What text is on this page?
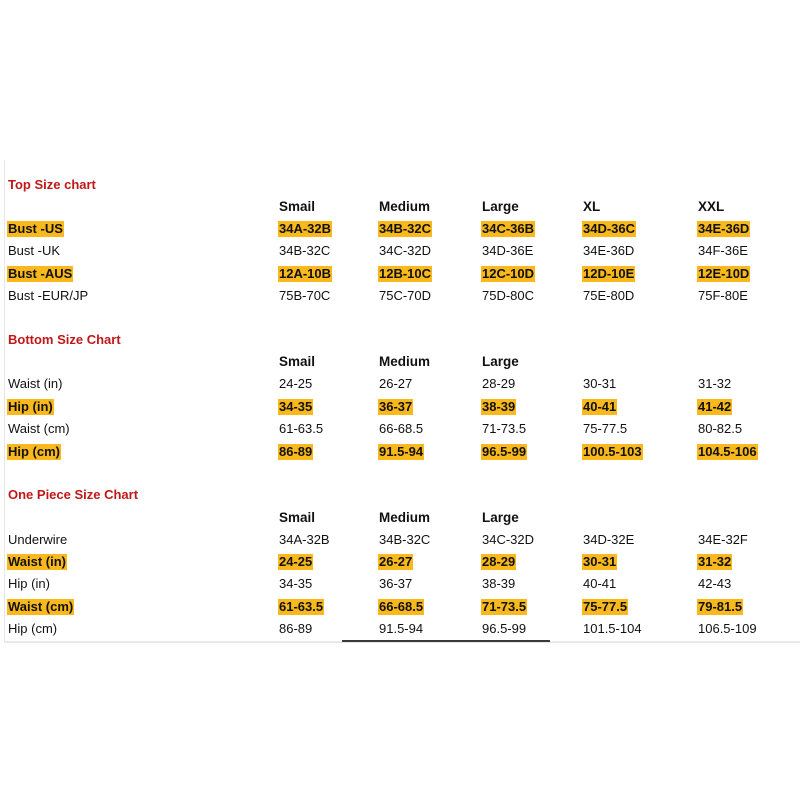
Top Size chart
Smail	Medium	Large	XL	XXL
Bust -US	34A-32B	34B-32C	34C-36B	34D-36C	34E-36D
Bust -UK	34B-32C	34C-32D	34D-36E	34E-36D	34F-36E
Bust -AUS	12A-10B	12B-10C	12C-10D	12D-10E	12E-10D
Bust -EUR/JP	75B-70C	75C-70D	75D-80C	75E-80D	75F-80E
Bottom Size Chart
Smail	Medium	Large
Waist (in)	24-25	26-27	28-29	30-31	31-32
Hip (in)	34-35	36-37	38-39	40-41	41-42
Waist (cm)	61-63.5	66-68.5	71-73.5	75-77.5	80-82.5
Hip (cm)	86-89	91.5-94	96.5-99	100.5-103	104.5-106
One Piece Size Chart
Smail	Medium	Large
Underwire	34A-32B	34B-32C	34C-32D	34D-32E	34E-32F
Waist (in)	24-25	26-27	28-29	30-31	31-32
Hip (in)	34-35	36-37	38-39	40-41	42-43
Waist (cm)	61-63.5	66-68.5	71-73.5	75-77.5	79-81.5
Hip (cm)	86-89	91.5-94	96.5-99	101.5-104	106.5-109
